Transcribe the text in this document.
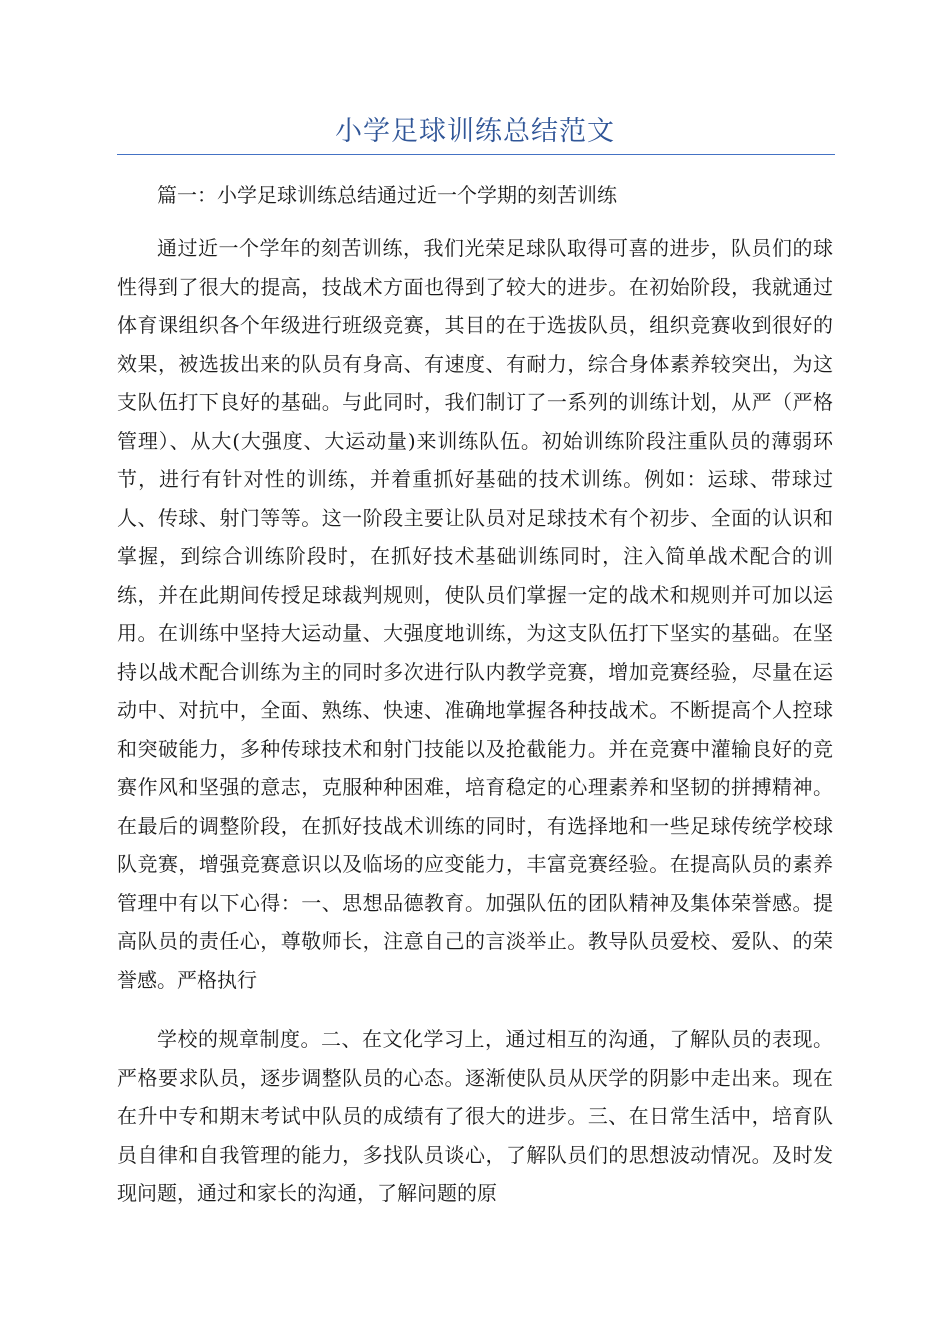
小学足球训练总结范文

篇一：小学足球训练总结通过近一个学期的刻苦训练

通过近一个学年的刻苦训练，我们光荣足球队取得可喜的进步，队员们的球性得到了很大的提高，技战术方面也得到了较大的进步。在初始阶段，我就通过体育课组织各个年级进行班级竞赛，其目的在于选拔队员，组织竞赛收到很好的效果，被选拔出来的队员有身高、有速度、有耐力，综合身体素养较突出，为这支队伍打下良好的基础。与此同时，我们制订了一系列的训练计划，从严（严格管理）、从大(大强度、大运动量)来训练队伍。初始训练阶段注重队员的薄弱环节，进行有针对性的训练，并着重抓好基础的技术训练。例如：运球、带球过人、传球、射门等等。这一阶段主要让队员对足球技术有个初步、全面的认识和掌握，到综合训练阶段时，在抓好技术基础训练同时，注入简单战术配合的训练，并在此期间传授足球裁判规则，使队员们掌握一定的战术和规则并可加以运用。在训练中坚持大运动量、大强度地训练，为这支队伍打下坚实的基础。在坚持以战术配合训练为主的同时多次进行队内教学竞赛，增加竞赛经验，尽量在运动中、对抗中，全面、熟练、快速、准确地掌握各种技战术。不断提高个人控球和突破能力，多种传球技术和射门技能以及抢截能力。并在竞赛中灌输良好的竞赛作风和坚强的意志，克服种种困难，培育稳定的心理素养和坚韧的拼搏精神。在最后的调整阶段，在抓好技战术训练的同时，有选择地和一些足球传统学校球队竞赛，增强竞赛意识以及临场的应变能力，丰富竞赛经验。在提高队员的素养管理中有以下心得：一、思想品德教育。加强队伍的团队精神及集体荣誉感。提高队员的责任心，尊敬师长，注意自己的言淡举止。教导队员爱校、爱队、的荣誉感。严格执行

学校的规章制度。二、在文化学习上，通过相互的沟通，了解队员的表现。严格要求队员，逐步调整队员的心态。逐渐使队员从厌学的阴影中走出来。现在在升中专和期末考试中队员的成绩有了很大的进步。三、在日常生活中，培育队员自律和自我管理的能力，多找队员谈心，了解队员们的思想波动情况。及时发现问题，通过和家长的沟通，了解问题的原
